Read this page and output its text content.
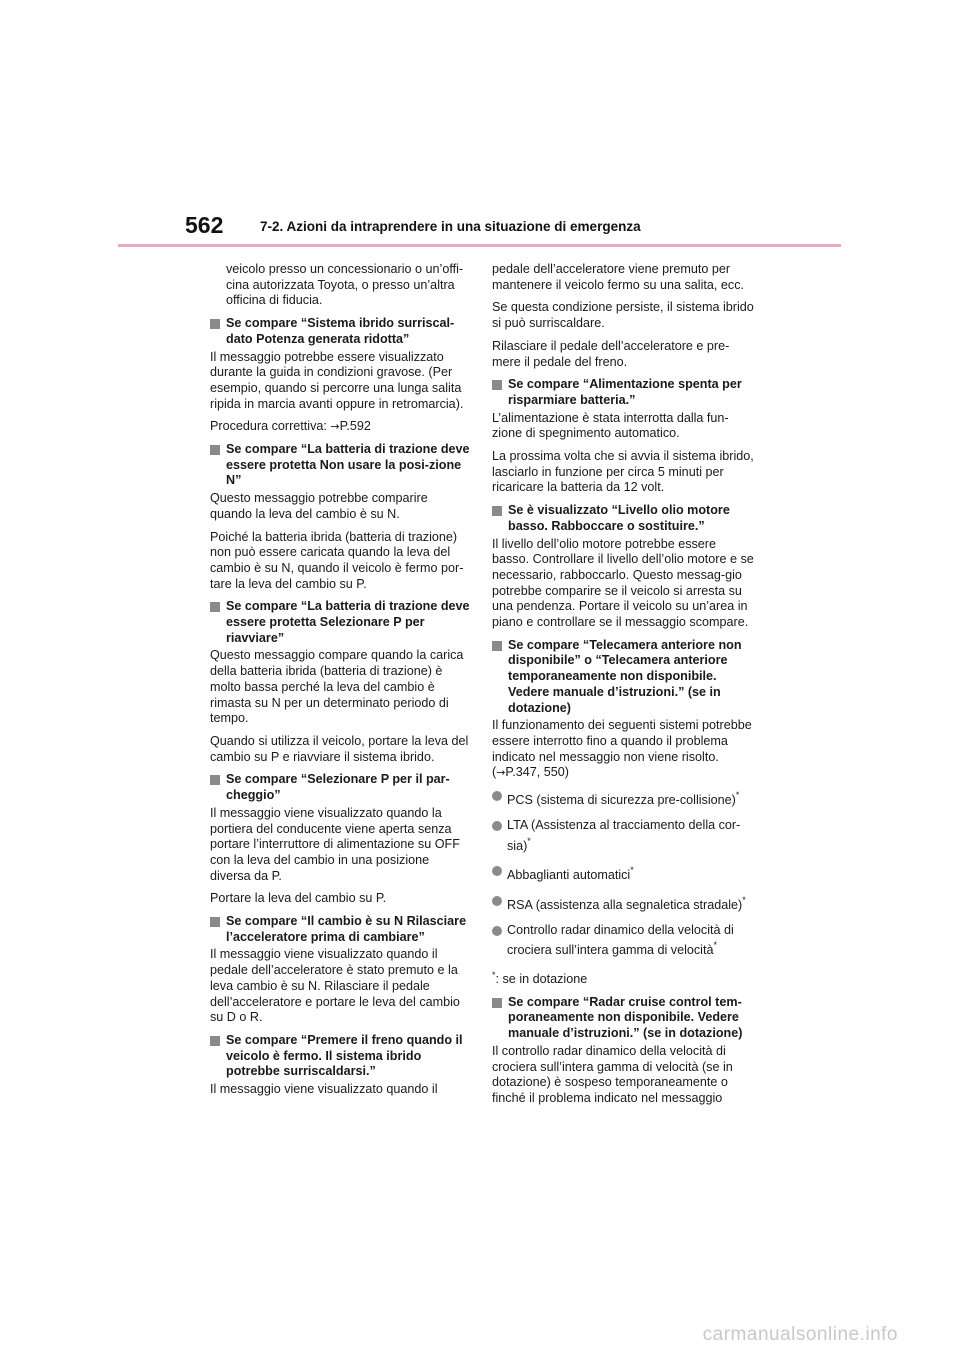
562	7-2. Azioni da intraprendere in una situazione di emergenza

veicolo presso un concessionario o un’offi-cina autorizzata Toyota, o presso un’altra officina di fiducia.

Se compare “Sistema ibrido surriscal-dato Potenza generata ridotta”

Il messaggio potrebbe essere visualizzato durante la guida in condizioni gravose. (Per esempio, quando si percorre una lunga salita ripida in marcia avanti oppure in retromarcia).

Procedura correttiva: →P.592

Se compare “La batteria di trazione deve essere protetta Non usare la posi-zione N”

Questo messaggio potrebbe comparire quando la leva del cambio è su N.

Poiché la batteria ibrida (batteria di trazione) non può essere caricata quando la leva del cambio è su N, quando il veicolo è fermo por-tare la leva del cambio su P.

Se compare “La batteria di trazione deve essere protetta Selezionare P per riavviare”

Questo messaggio compare quando la carica della batteria ibrida (batteria di trazione) è molto bassa perché la leva del cambio è rimasta su N per un determinato periodo di tempo.

Quando si utilizza il veicolo, portare la leva del cambio su P e riavviare il sistema ibrido.

Se compare “Selezionare P per il par-cheggio”

Il messaggio viene visualizzato quando la portiera del conducente viene aperta senza portare l’interruttore di alimentazione su OFF con la leva del cambio in una posizione diversa da P.

Portare la leva del cambio su P.

Se compare “Il cambio è su N Rilasciare l’acceleratore prima di cambiare”

Il messaggio viene visualizzato quando il pedale dell’acceleratore è stato premuto e la leva cambio è su N. Rilasciare il pedale dell’acceleratore e portare le leva del cambio su D o R.

Se compare “Premere il freno quando il veicolo è fermo. Il sistema ibrido potrebbe surriscaldarsi.”

Il messaggio viene visualizzato quando il

pedale dell’acceleratore viene premuto per mantenere il veicolo fermo su una salita, ecc.

Se questa condizione persiste, il sistema ibrido si può surriscaldare.

Rilasciare il pedale dell’acceleratore e pre-mere il pedale del freno.

Se compare “Alimentazione spenta per risparmiare batteria.”

L’alimentazione è stata interrotta dalla fun-zione di spegnimento automatico.

La prossima volta che si avvia il sistema ibrido, lasciarlo in funzione per circa 5 minuti per ricaricare la batteria da 12 volt.

Se è visualizzato “Livello olio motore basso. Rabboccare o sostituire.”

Il livello dell’olio motore potrebbe essere basso. Controllare il livello dell’olio motore e se necessario, rabboccarlo. Questo messag-gio potrebbe comparire se il veicolo si arresta su una pendenza. Portare il veicolo su un’area in piano e controllare se il messaggio scompare.

Se compare “Telecamera anteriore non disponibile” o “Telecamera anteriore temporaneamente non disponibile. Vedere manuale d’istruzioni.” (se in dotazione)

Il funzionamento dei seguenti sistemi potrebbe essere interrotto fino a quando il problema indicato nel messaggio non viene risolto. (→P.347, 550)

PCS (sistema di sicurezza pre-collisione)*
LTA (Assistenza al tracciamento della cor-sia)*
Abbaglianti automatici*
RSA (assistenza alla segnaletica stradale)*
Controllo radar dinamico della velocità di crociera sull’intera gamma di velocità*

*: se in dotazione

Se compare “Radar cruise control tem-poraneamente non disponibile. Vedere manuale d’istruzioni.” (se in dotazione)

Il controllo radar dinamico della velocità di crociera sull’intera gamma di velocità (se in dotazione) è sospeso temporaneamente o finché il problema indicato nel messaggio

carmanualsonline.info
